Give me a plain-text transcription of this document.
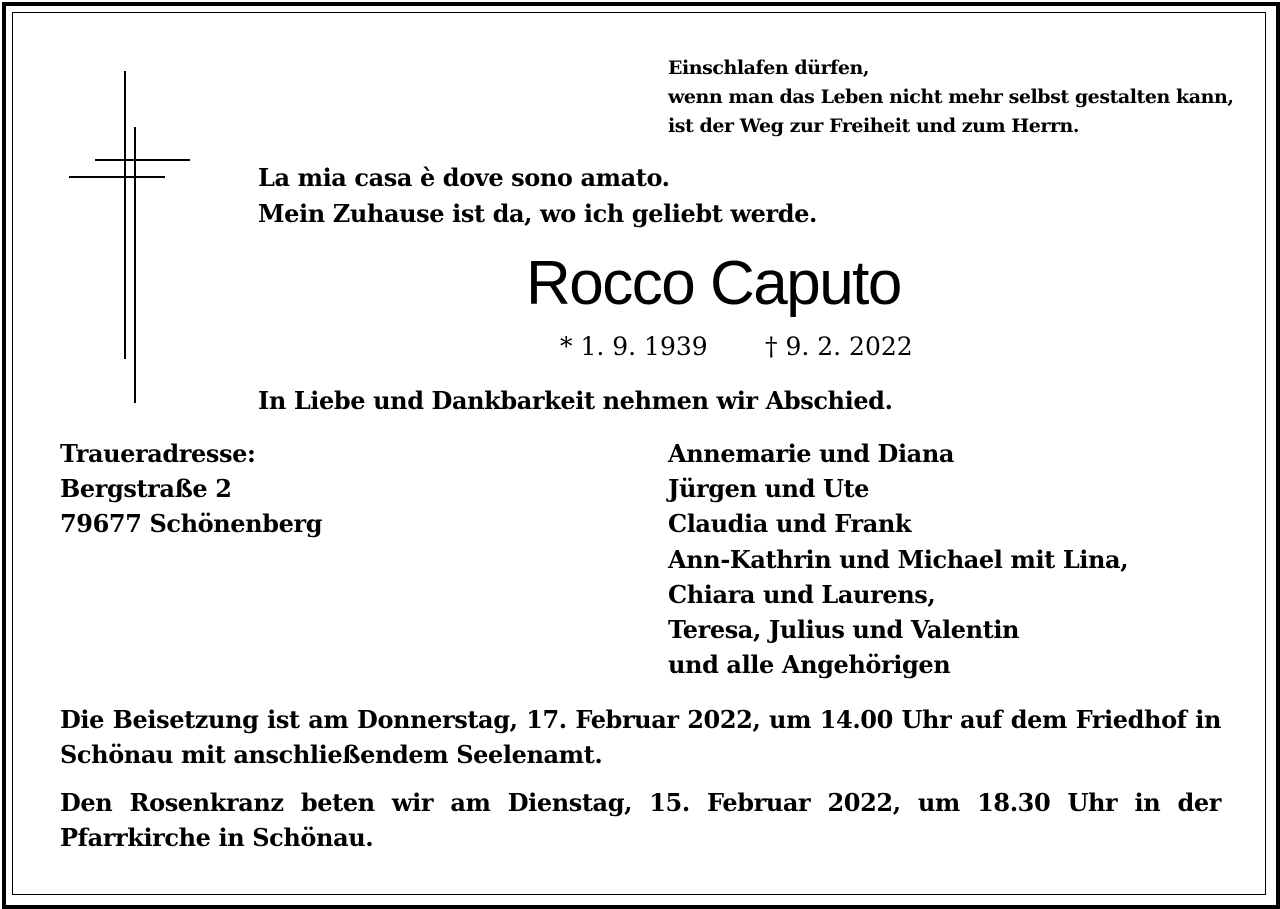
Einschlafen dürfen,
wenn man das Leben nicht mehr selbst gestalten kann,
ist der Weg zur Freiheit und zum Herrn.
La mia casa è dove sono amato.
Mein Zuhause ist da, wo ich geliebt werde.
Rocco Caputo
* 1. 9. 1939 † 9. 2. 2022
In Liebe und Dankbarkeit nehmen wir Abschied.
Traueradresse:
Bergstraße 2
79677 Schönenberg
Annemarie und Diana
Jürgen und Ute
Claudia und Frank
Ann-Kathrin und Michael mit Lina,
Chiara und Laurens,
Teresa, Julius und Valentin
und alle Angehörigen
Die Beisetzung ist am Donnerstag, 17. Februar 2022, um 14.00 Uhr auf dem Friedhof in Schönau mit anschließendem Seelenamt.
Den Rosenkranz beten wir am Dienstag, 15. Februar 2022, um 18.30 Uhr in der Pfarrkirche in Schönau.
